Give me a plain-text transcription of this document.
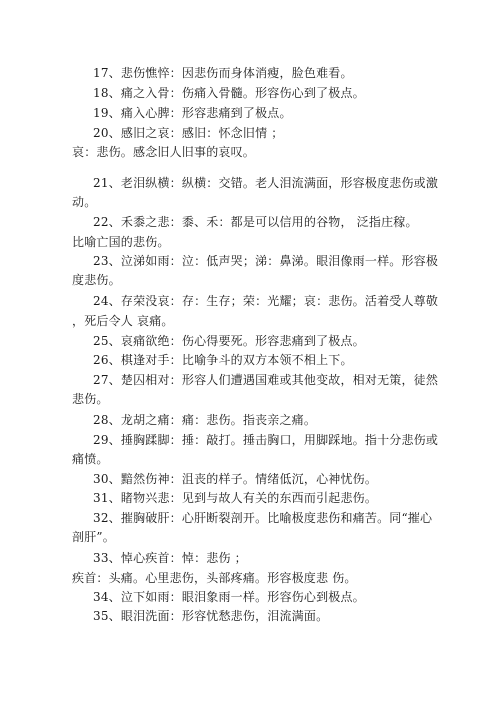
17、悲伤憔悴：因悲伤而身体消瘦，脸色难看。
18、痛之入骨：伤痛入骨髓。形容伤心到了极点。
19、痛入心脾：形容悲痛到了极点。
20、感旧之哀：感旧：怀念旧情 ；
哀：悲伤。感念旧人旧事的哀叹。
21、老泪纵横：纵横：交错。老人泪流满面，形容极度悲伤或激
动。
22、禾黍之悲：黍、禾：都是可以信用的谷物， 泛指庄稼。
比喻亡国的悲伤。
23、泣涕如雨：泣：低声哭；涕：鼻涕。眼泪像雨一样。形容极
度悲伤。
24、存荣没哀：存：生存；荣：光耀；哀：悲伤。活着受人尊敬
，死后令人 哀痛。
25、哀痛欲绝：伤心得要死。形容悲痛到了极点。
26、棋逢对手：比喻争斗的双方本领不相上下。
27、楚囚相对：形容人们遭遇国难或其他变故，相对无策，徒然
悲伤。
28、龙胡之痛：痛：悲伤。指丧亲之痛。
29、捶胸蹂脚：捶：敲打。捶击胸口，用脚踩地。指十分悲伤或
痛愤。
30、黯然伤神：沮丧的样子。情绪低沉，心神忧伤。
31、睹物兴悲：见到与故人有关的东西而引起悲伤。
32、摧胸破肝：心肝断裂剖开。比喻极度悲伤和痛苦。同“摧心
剖肝”。
33、悼心疾首：悼：悲伤 ；
疾首：头痛。心里悲伤，头部疼痛。形容极度悲 伤。
34、泣下如雨：眼泪象雨一样。形容伤心到极点。
35、眼泪洗面：形容忧愁悲伤，泪流满面。
